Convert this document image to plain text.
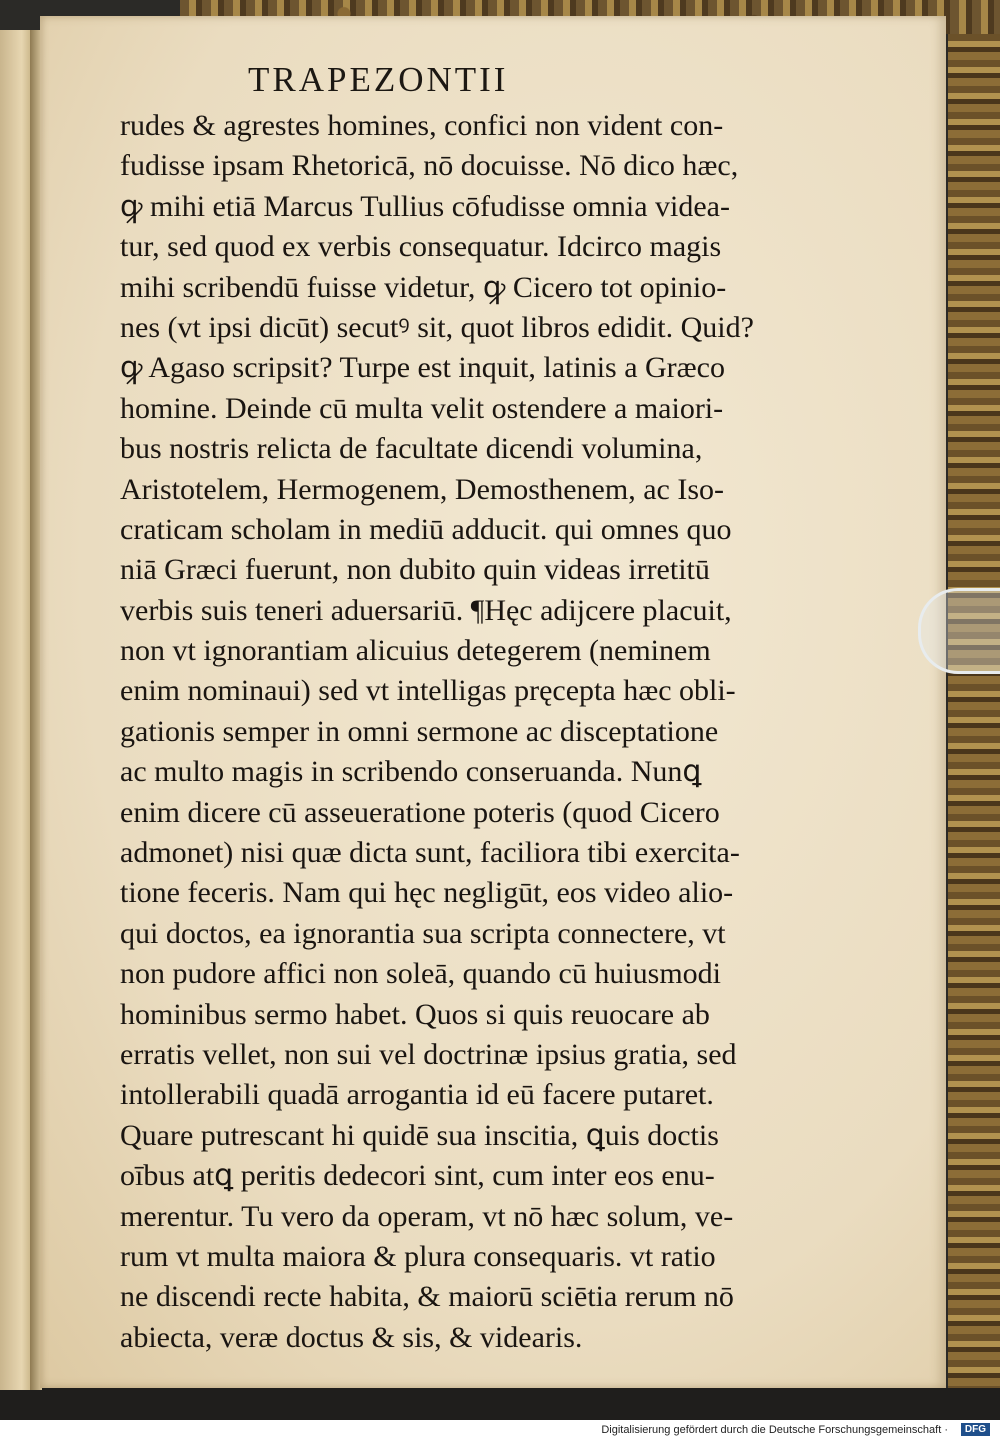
TRAPEZONTII
rudes & agrestes homines, confici non vident con-
fudisse ipsam Rhetoricā, nō docuisse. Nō dico hæc,
ꝙ mihi etiā Marcus Tullius cōfudisse omnia videa-
tur, sed quod ex verbis consequatur. Idcirco magis
mihi scribendū fuisse videtur, ꝙ Cicero tot opinio-
nes (vt ipsi dicūt) secutꝰ sit, quot libros edidit. Quid?
ꝙ Agaso scripsit? Turpe est inquit, latinis a Græco
homine. Deinde cū multa velit ostendere a maiori-
bus nostris relicta de facultate dicendi volumina,
Aristotelem, Hermogenem, Demosthenem, ac Iso-
craticam scholam in mediū adducit. qui omnes quo
niā Græci fuerunt, non dubito quin videas irretitū
verbis suis teneri aduersariū. ¶Hęc adijcere placuit,
non vt ignorantiam alicuius detegerem (neminem
enim nominaui) sed vt intelligas pręcepta hæc obli-
gationis semper in omni sermone ac disceptatione
ac multo magis in scribendo conseruanda. Nunꝗ
enim dicere cū asseueratione poteris (quod Cicero
admonet) nisi quæ dicta sunt, faciliora tibi exercita-
tione feceris. Nam qui hęc negligūt, eos video alio-
qui doctos, ea ignorantia sua scripta connectere, vt
non pudore affici non soleā, quando cū huiusmodi
hominibus sermo habet. Quos si quis reuocare ab
erratis vellet, non sui vel doctrinæ ipsius gratia, sed
intollerabili quadā arrogantia id eū facere putaret.
Quare putrescant hi quidē sua inscitia, ꝗuis doctis
oībus atꝗ peritis dedecori sint, cum inter eos enu-
merentur. Tu vero da operam, vt nō hæc solum, ve-
rum vt multa maiora & plura consequaris. vt ratio
ne discendi recte habita, & maiorū sciētia rerum nō
abiecta, veræ doctus & sis, & videaris.
Digitalisierung gefördert durch die Deutsche Forschungsgemeinschaft ·	DFG
